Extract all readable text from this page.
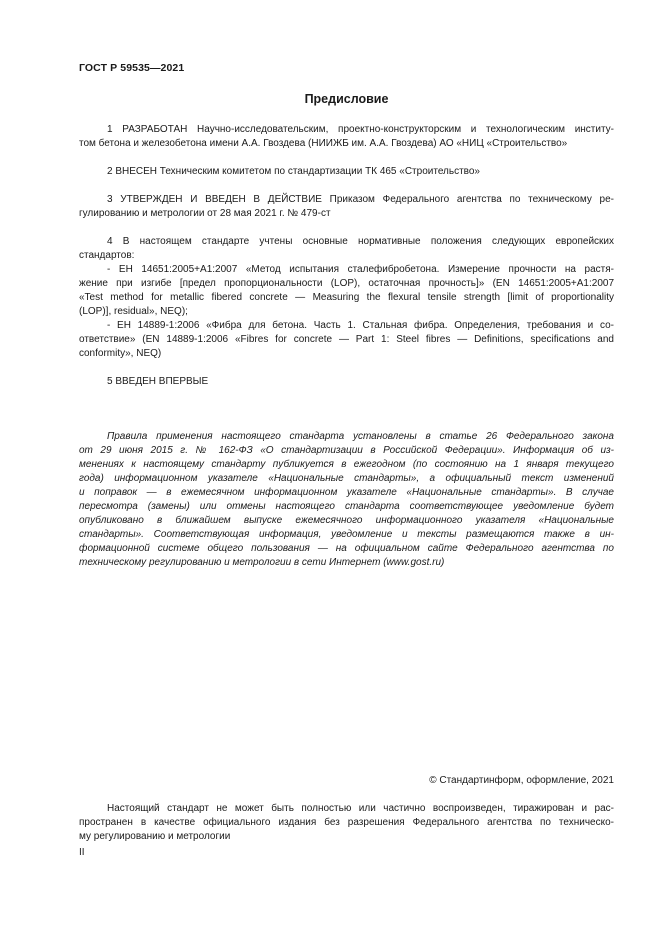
ГОСТ Р 59535—2021
Предисловие
1 РАЗРАБОТАН Научно-исследовательским, проектно-конструкторским и технологическим институ-
том бетона и железобетона имени А.А. Гвоздева (НИИЖБ им. А.А. Гвоздева) АО «НИЦ «Строительство»
2 ВНЕСЕН Техническим комитетом по стандартизации ТК 465 «Строительство»
3 УТВЕРЖДЕН И ВВЕДЕН В ДЕЙСТВИЕ Приказом Федерального агентства по техническому ре-
гулированию и метрологии от 28 мая 2021 г. № 479-ст
4 В настоящем стандарте учтены основные нормативные положения следующих европейских
стандартов:
- ЕН 14651:2005+А1:2007 «Метод испытания сталефибробетона. Измерение прочности на растя-
жение при изгибе [предел пропорциональности (LOP), остаточная прочность]» (EN 14651:2005+A1:2007
«Test method for metallic fibered concrete — Measuring the flexural tensile strength [limit of proportionality
(LOP)], residual», NEQ);
- ЕН 14889-1:2006 «Фибра для бетона. Часть 1. Стальная фибра. Определения, требования и со-
ответствие» (EN 14889-1:2006 «Fibres for concrete — Part 1: Steel fibres — Definitions, specifications and
conformity», NEQ)
5 ВВЕДЕН ВПЕРВЫЕ
Правила применения настоящего стандарта установлены в статье 26 Федерального закона
от 29 июня 2015 г. № 162-ФЗ «О стандартизации в Российской Федерации». Информация об из-
менениях к настоящему стандарту публикуется в ежегодном (по состоянию на 1 января текущего
года) информационном указателе «Национальные стандарты», а официальный текст изменений
и поправок — в ежемесячном информационном указателе «Национальные стандарты». В случае
пересмотра (замены) или отмены настоящего стандарта соответствующее уведомление будет
опубликовано в ближайшем выпуске ежемесячного информационного указателя «Национальные
стандарты». Соответствующая информация, уведомление и тексты размещаются также в ин-
формационной системе общего пользования — на официальном сайте Федерального агентства по
техническому регулированию и метрологии в сети Интернет (www.gost.ru)
© Стандартинформ, оформление, 2021
Настоящий стандарт не может быть полностью или частично воспроизведен, тиражирован и рас-
пространен в качестве официального издания без разрешения Федерального агентства по техническо-
му регулированию и метрологии
II
